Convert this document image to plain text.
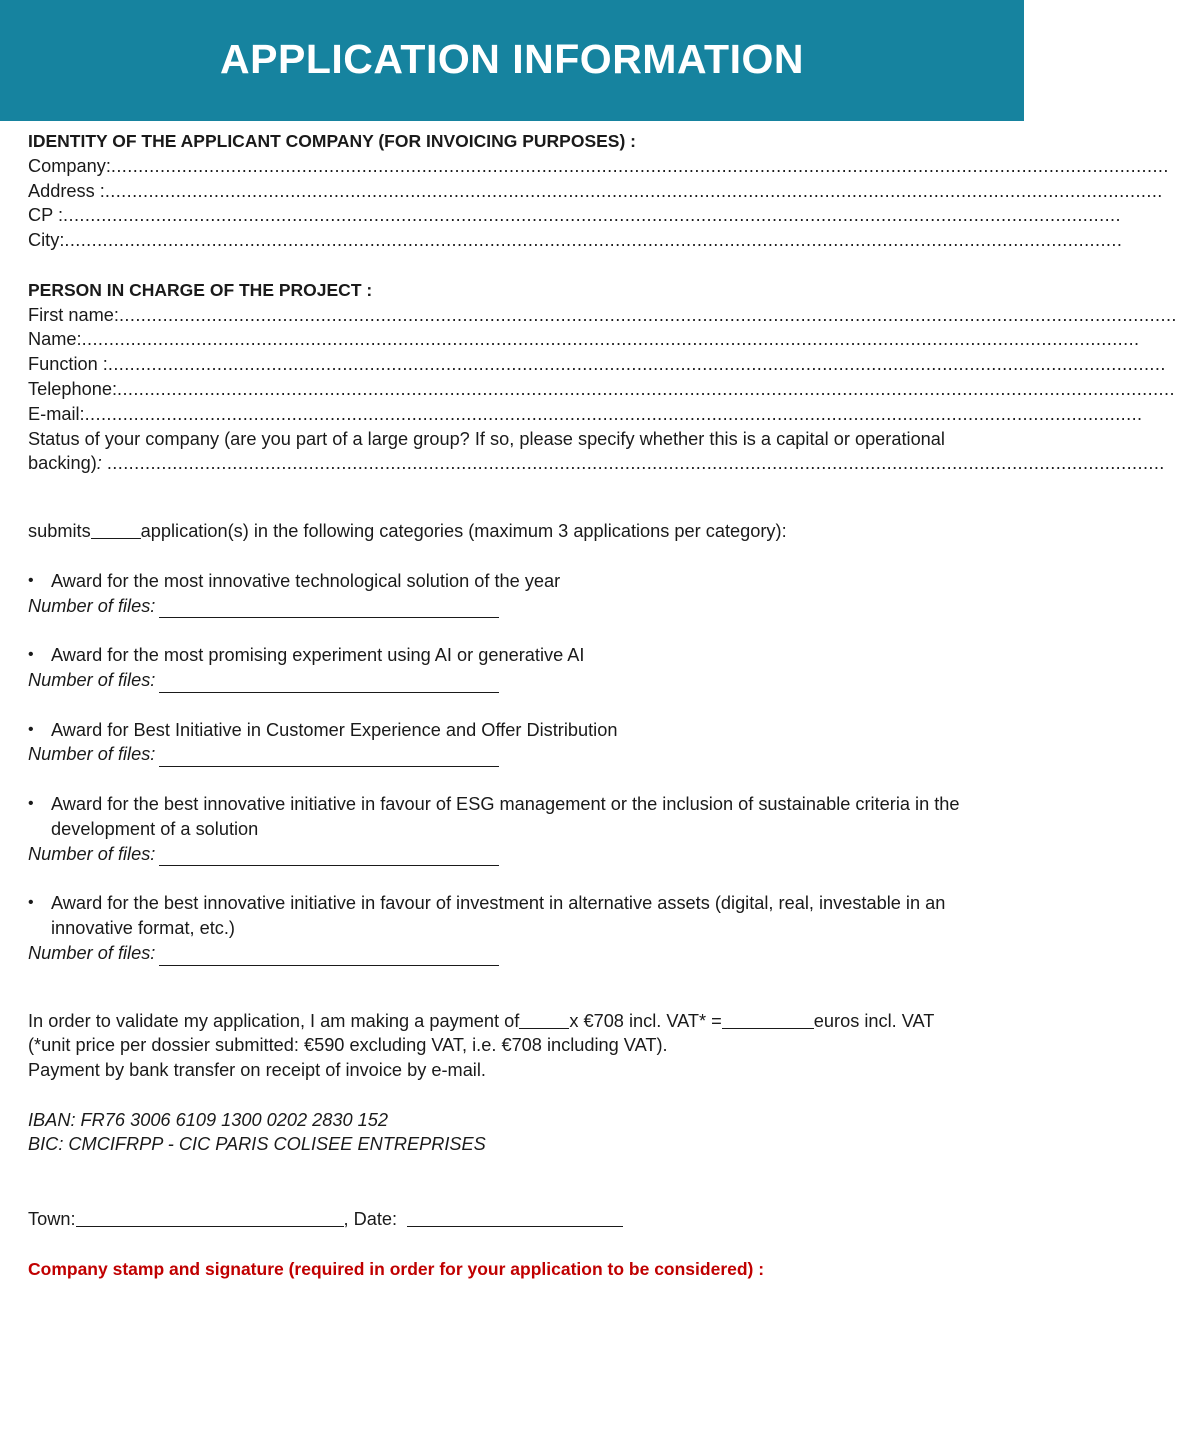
APPLICATION INFORMATION
IDENTITY OF THE APPLICANT COMPANY (FOR INVOICING PURPOSES) :
Company: ..................................................................................................................................................................................................
Address : ..................................................................................................................................................................................................
CP : ..................................................................................................................................................................................................
City: ..................................................................................................................................................................................................
PERSON IN CHARGE OF THE PROJECT :
First name: ..................................................................................................................................................................................................
Name: ..................................................................................................................................................................................................
Function : ..................................................................................................................................................................................................
Telephone: ..................................................................................................................................................................................................
E-mail: ..................................................................................................................................................................................................
Status of your company (are you part of a large group? If so, please specify whether this is a capital or operational backing): ..................................................................................................................................................................................................
submits	application(s) in the following categories (maximum 3 applications per category):
• Award for the most innovative technological solution of the year
Number of files:
• Award for the most promising experiment using AI or generative AI
Number of files:
• Award for Best Initiative in Customer Experience and Offer Distribution
Number of files:
• Award for the best innovative initiative in favour of ESG management or the inclusion of sustainable criteria in the development of a solution
Number of files:
• Award for the best innovative initiative in favour of investment in alternative assets (digital, real, investable in an innovative format, etc.)
Number of files:
In order to validate my application, I am making a payment of	x €708 incl. VAT* =	euros incl. VAT
(*unit price per dossier submitted: €590 excluding VAT, i.e. €708 including VAT).
Payment by bank transfer on receipt of invoice by e-mail.
IBAN: FR76 3006 6109 1300 0202 2830 152
BIC: CMCIFRPP - CIC PARIS COLISEE ENTREPRISES
Town:	, Date:
Company stamp and signature (required in order for your application to be considered) :
